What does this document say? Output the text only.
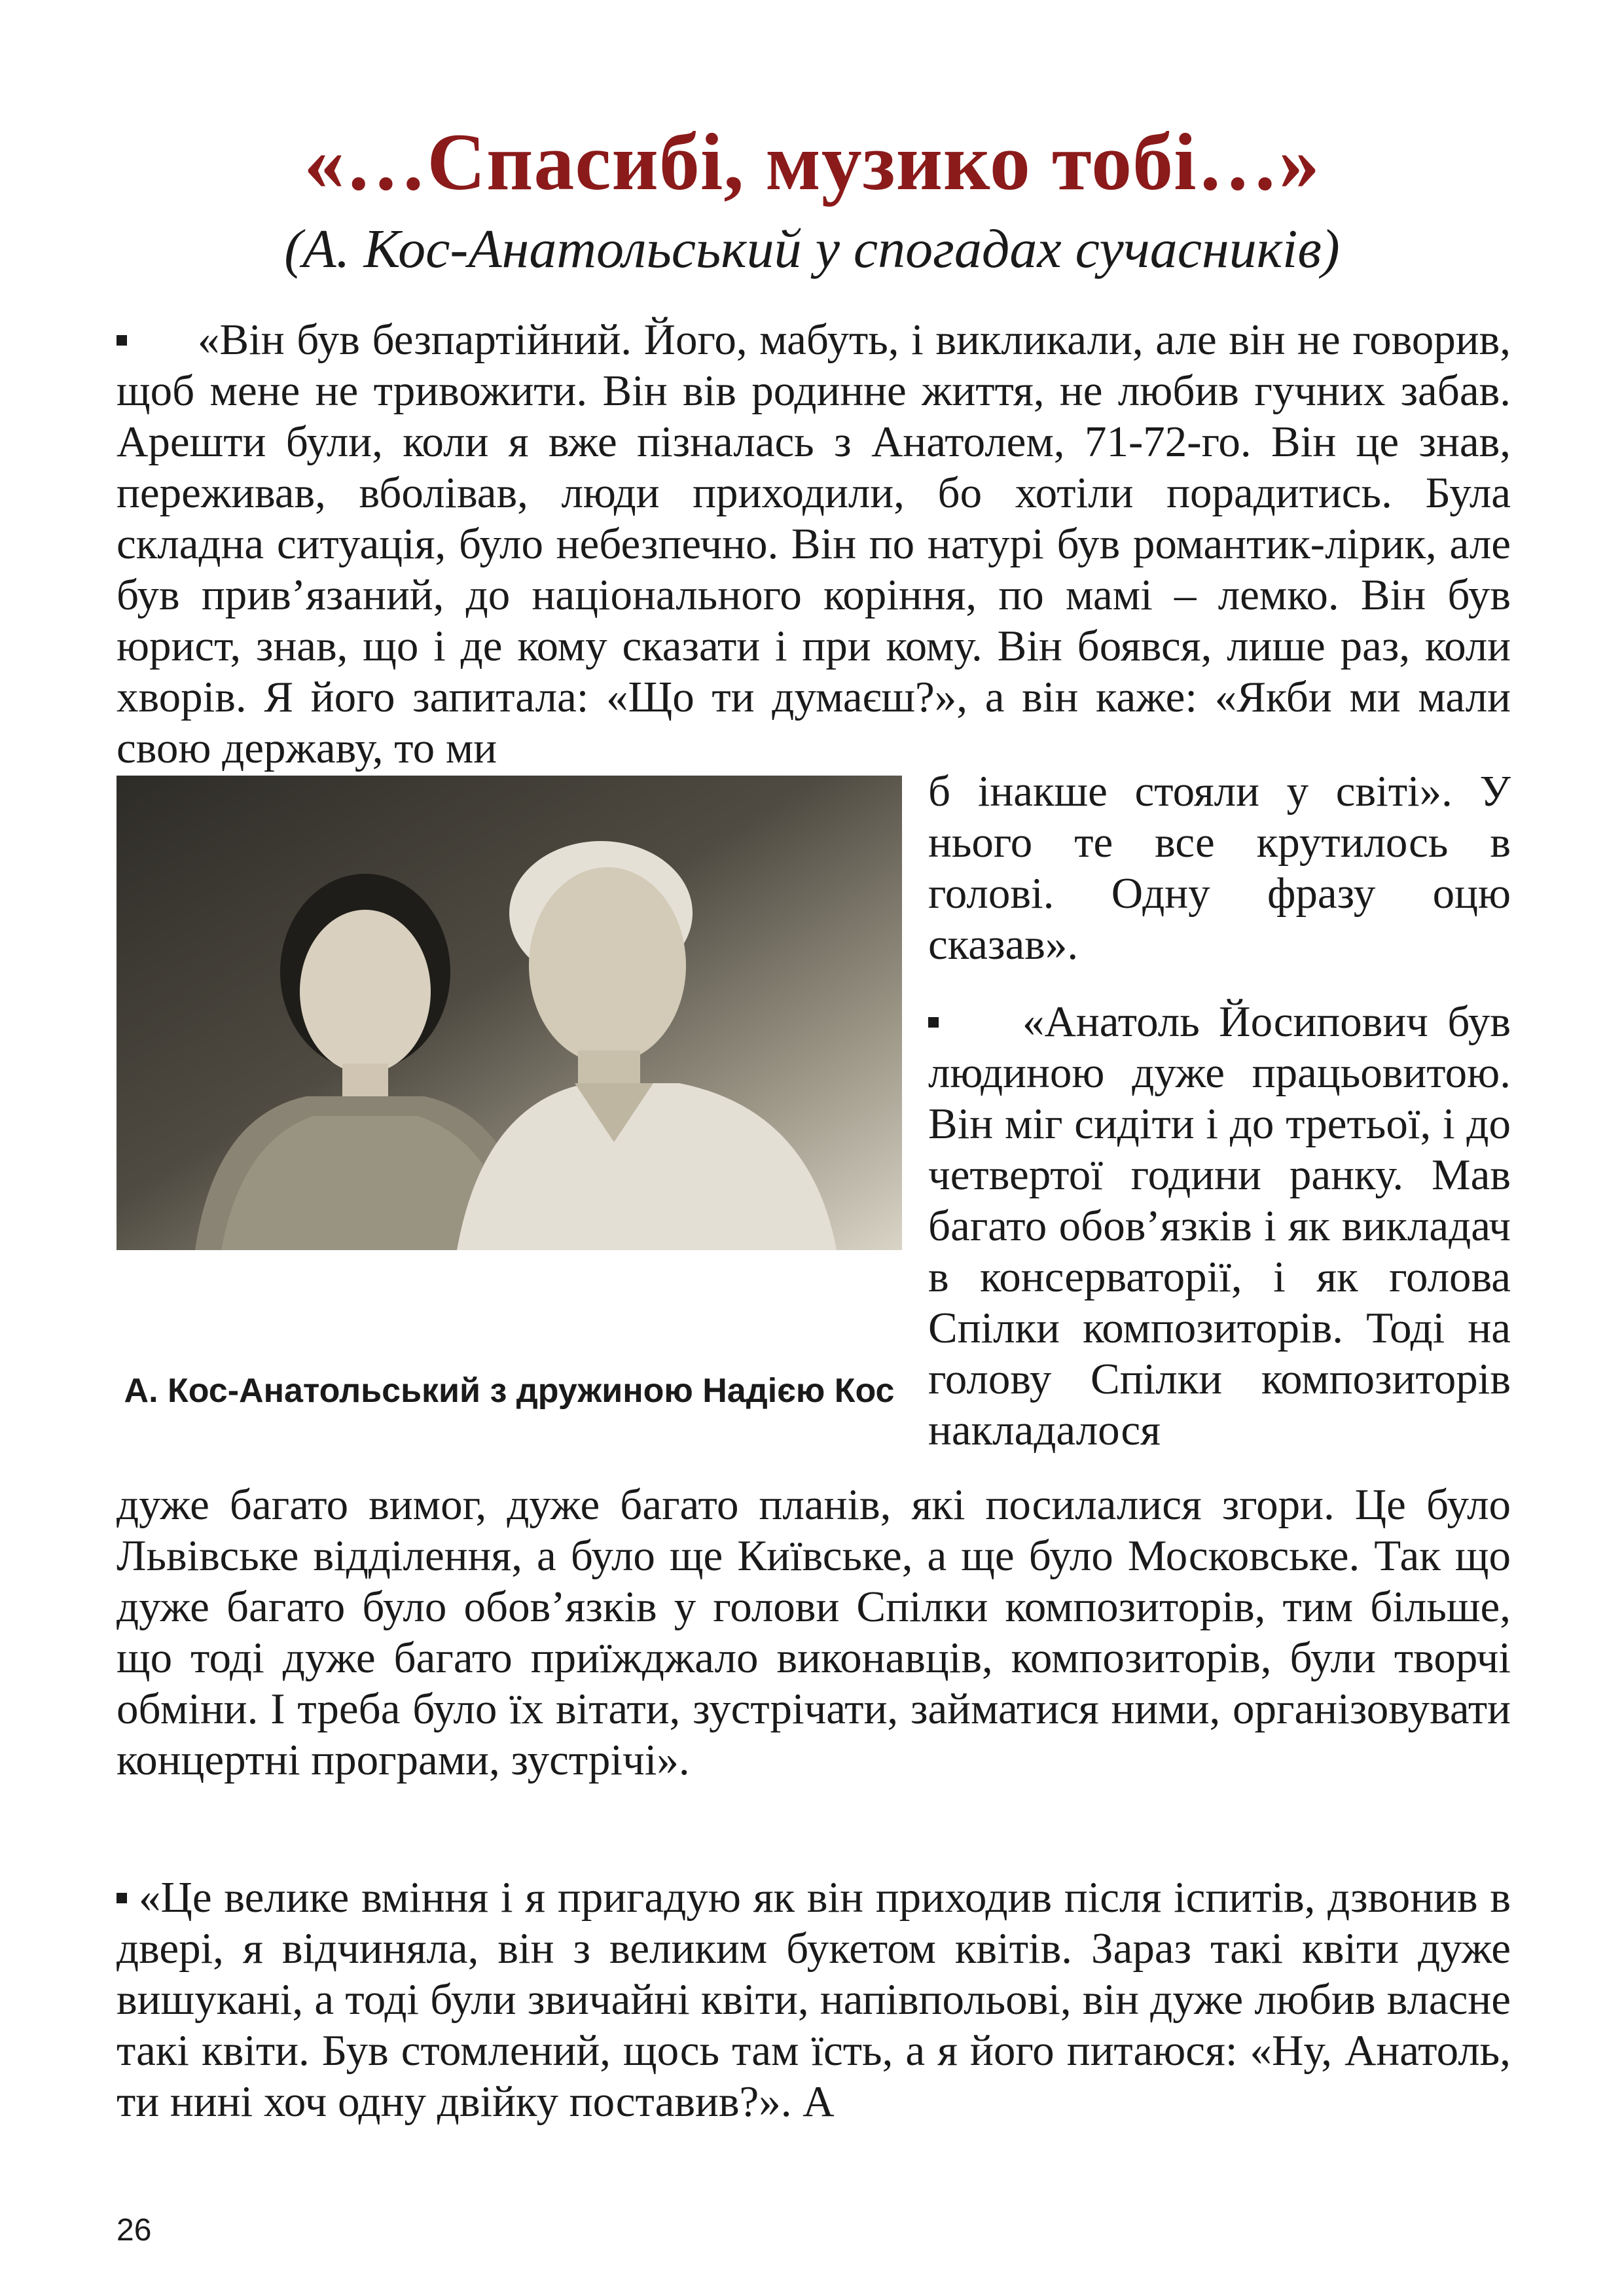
«…Спасибі, музико тобі…»
(А. Кос-Анатольський у спогадах сучасників)
«Він був безпартійний. Його, мабуть, і викликали, але він не говорив, щоб мене не тривожити. Він вів родинне життя, не любив гучних забав. Арешти були, коли я вже пізналась з Анатолем, 71-72-го. Він це знав, переживав, вболівав, люди приходили, бо хотіли порадитись. Була складна ситуація, було небезпечно. Він по натурі був романтик-лірик, але був прив’язаний, до національного коріння, по мамі – лемко. Він був юрист, знав, що і де кому сказати і при кому. Він боявся, лише раз, коли хворів. Я його запитала: «Що ти думаєш?», а він каже: «Якби ми мали свою державу, то ми
А. Кос-Анатольський з дружиною Надією Кос
б інакше стояли у світі». У нього те все крутилось в голові. Одну фразу оцю сказав».
«Анатоль Йосипович був людиною дуже працьовитою. Він міг сидіти і до третьої, і до четвертої години ранку. Мав багато обов’язків і як викладач в консерваторії, і як голова Спілки композиторів. Тоді на голову Спілки композиторів накладалося
дуже багато вимог, дуже багато планів, які посилалися згори. Це було Львівське відділення, а було ще Київське, а ще було Московське. Так що дуже багато було обов’язків у голови Спілки композиторів, тим більше, що тоді дуже багато приїжджало виконавців, композиторів, були творчі обміни. І треба було їх вітати, зустрічати, займатися ними, організовувати концертні програми, зустрічі».
«Це велике вміння і я пригадую як він приходив після іспитів, дзвонив в двері, я відчиняла, він з великим букетом квітів. Зараз такі квіти дуже вишукані, а тоді були звичайні квіти, напівпольові, він дуже любив власне такі квіти. Був стомлений, щось там їсть, а я його питаюся: «Ну, Анатоль, ти нині хоч одну двійку поставив?». А
26
